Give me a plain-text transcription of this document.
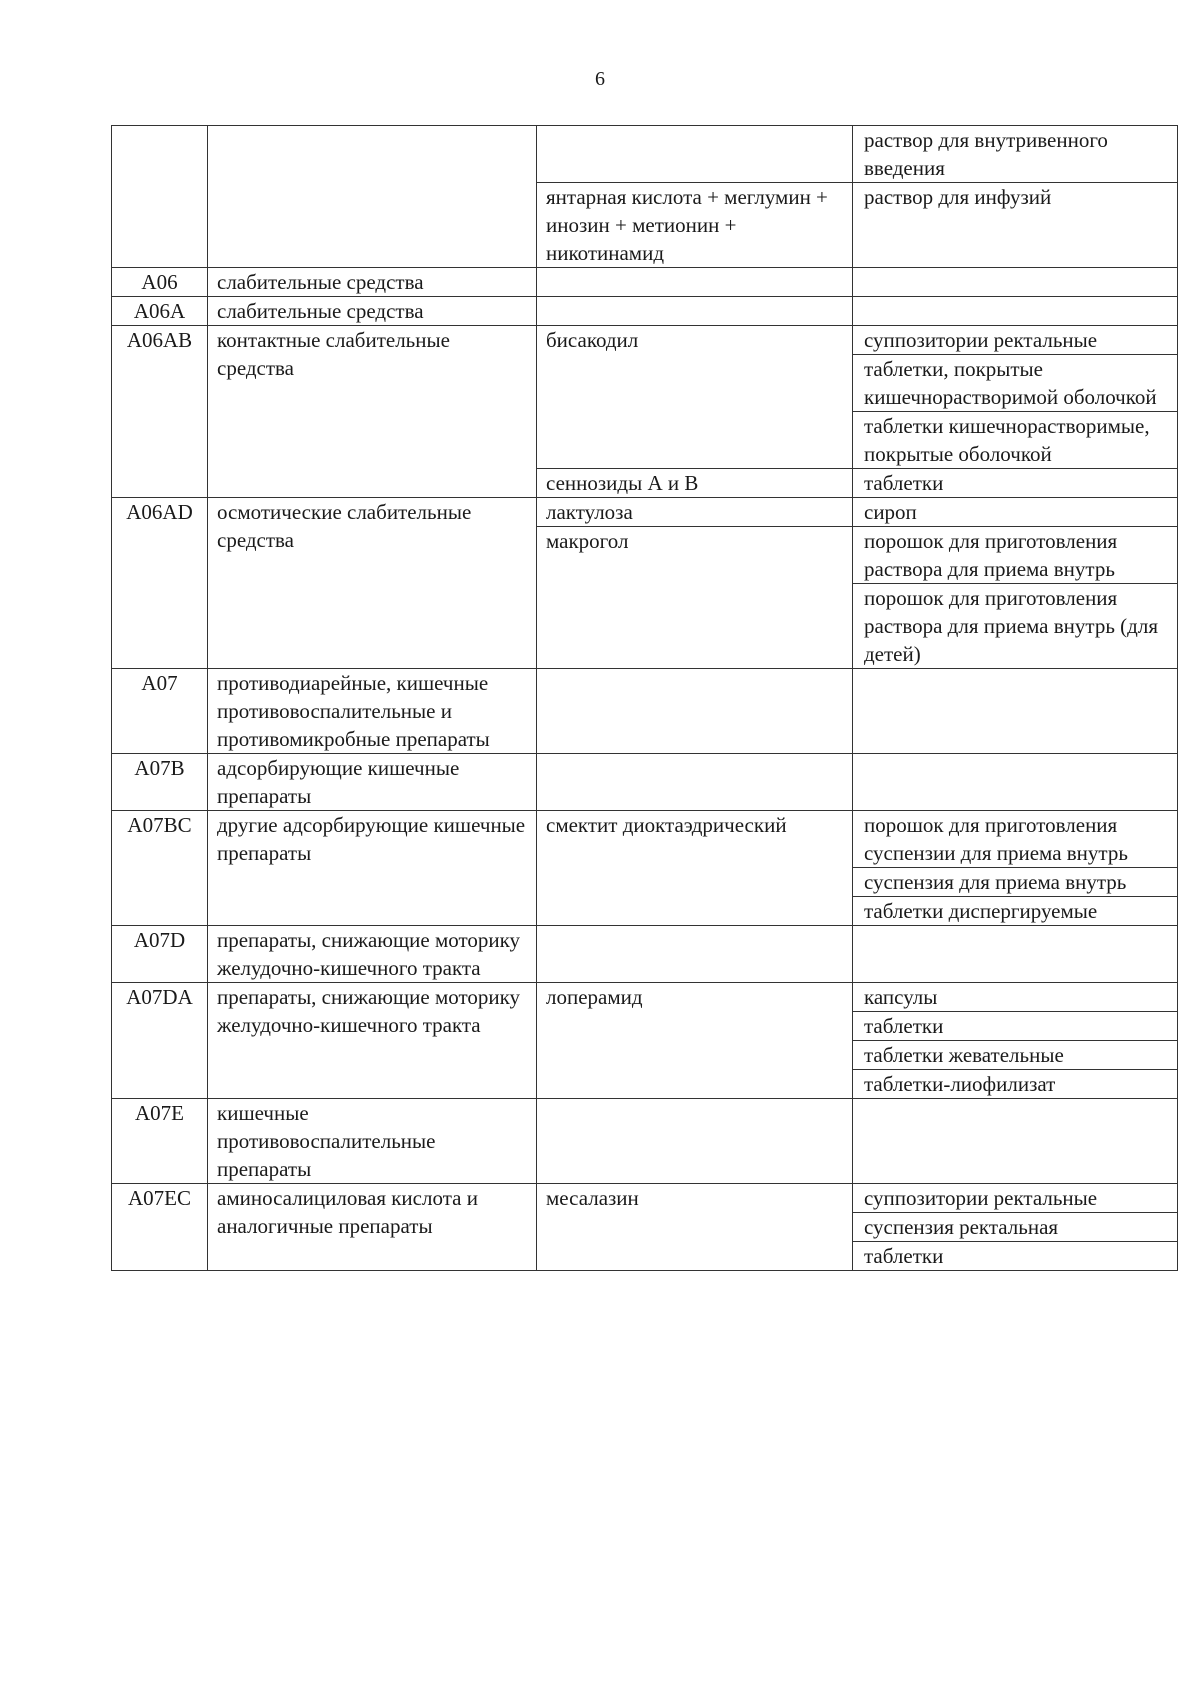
6

			раствор для внутривенного введения

		янтарная кислота + меглумин + инозин + метионин + никотинамид	раствор для инфузий

A06	слабительные средства		
A06A	слабительные средства		
A06AB	контактные слабительные средства	бисакодил	суппозитории ректальные
таблетки, покрытые кишечнорастворимой оболочкой
таблетки кишечнорастворимые, покрытые оболочкой

		сеннозиды А и В	таблетки

A06AD	осмотические слабительные средства	лактулоза	сироп

		макрогол	порошок для приготовления раствора для приема внутрь
порошок для приготовления раствора для приема внутрь (для детей)

A07	противодиарейные, кишечные противовоспалительные и противомикробные препараты		
A07B	адсорбирующие кишечные препараты		
A07BC	другие адсорбирующие кишечные препараты	смектит диоктаэдрический	порошок для приготовления суспензии для приема внутрь
суспензия для приема внутрь
таблетки диспергируемые

A07D	препараты, снижающие моторику желудочно-кишечного тракта		
A07DA	препараты, снижающие моторику желудочно-кишечного тракта	лоперамид	капсулы
таблетки
таблетки жевательные
таблетки-лиофилизат

A07E	кишечные противовоспалительные препараты		
A07EC	аминосалициловая кислота и аналогичные препараты	месалазин	суппозитории ректальные
суспензия ректальная
таблетки
